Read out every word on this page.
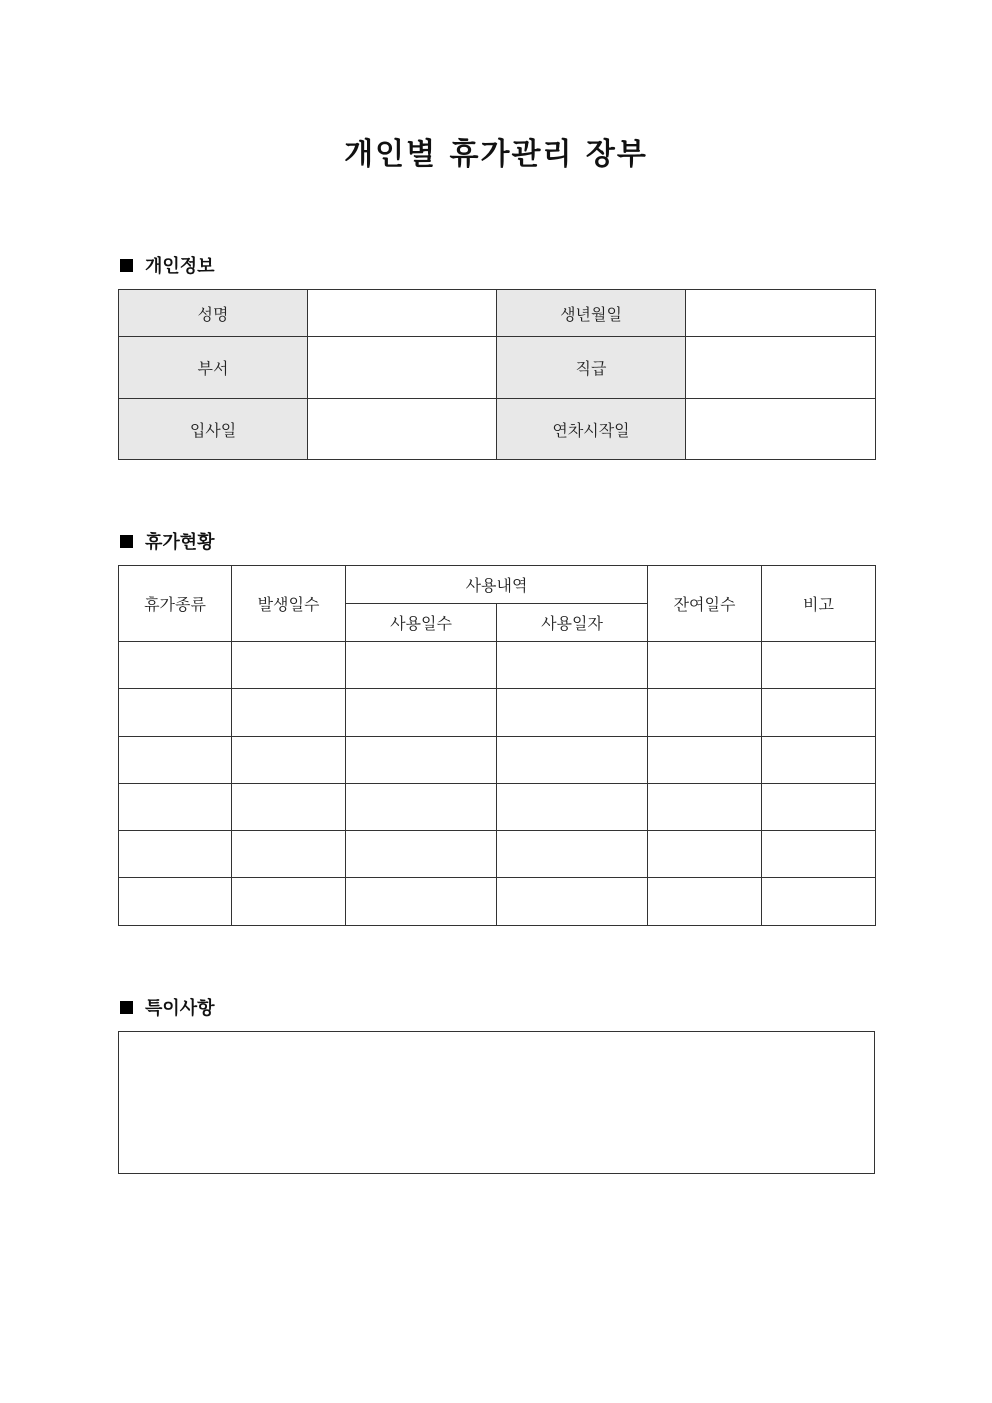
개인별 휴가관리 장부
개인정보
성명		생년월일	
부서		직급	
입사일		연차시작일	
휴가현황
휴가종류	발생일수	사용내역		잔여일수	비고
		사용일수	사용일자		

특이사항
